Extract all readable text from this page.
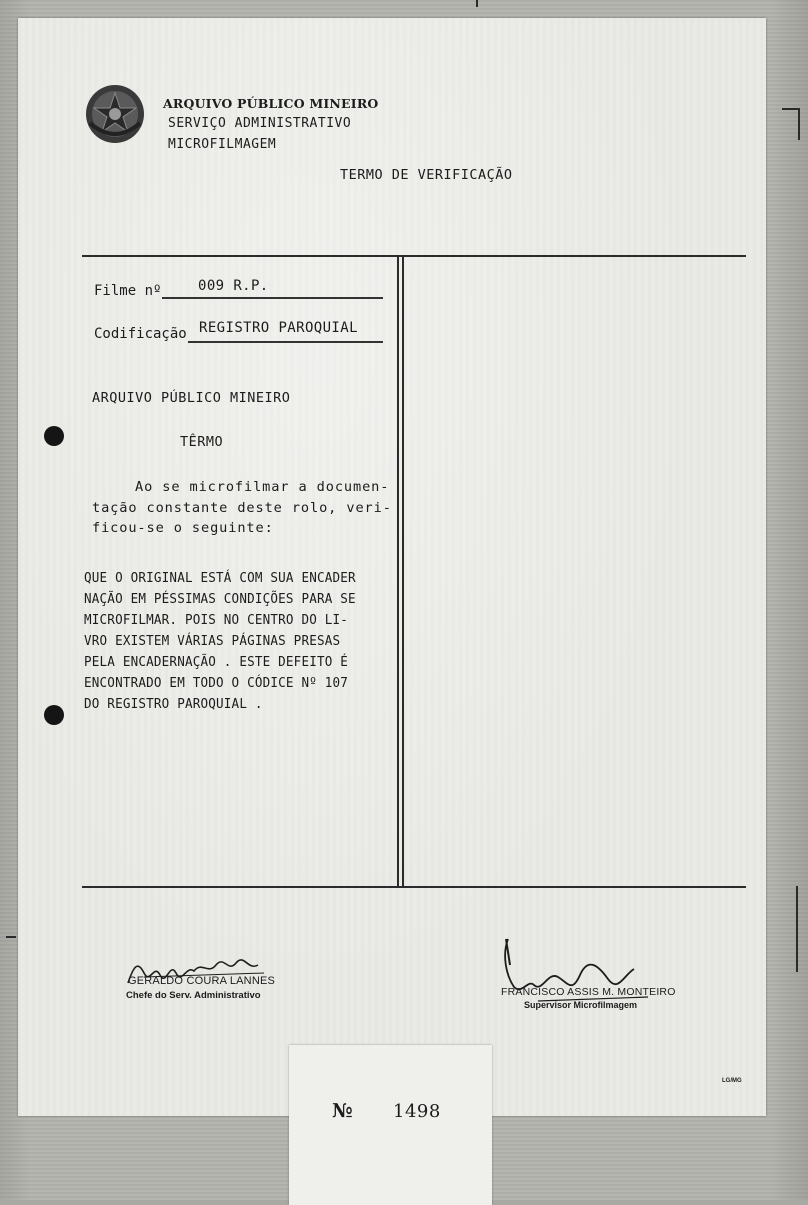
ARQUIVO PÚBLICO MINEIRO
SERVIÇO ADMINISTRATIVO
MICROFILMAGEM
TERMO DE VERIFICAÇÃO
Filme nº	009 R.P.
Codificação REGISTRO PAROQUIAL
ARQUIVO PÚBLICO MINEIRO
TÊRMO
Ao se microfilmar a documen-
tação constante deste rolo, veri-
ficou-se o seguinte:
QUE O ORIGINAL ESTÁ COM SUA ENCADER
NAÇÃO EM PÉSSIMAS CONDIÇÕES PARA SE
MICROFILMAR. POIS NO CENTRO DO LI-
VRO EXISTEM VÁRIAS PÁGINAS PRESAS
PELA ENCADERNAÇÃO . ESTE DEFEITO É
ENCONTRADO EM TODO O CÓDICE Nº 107
DO REGISTRO PAROQUIAL .
GERALDO COURA LANNES
Chefe do Serv. Administrativo	FRANCISCO ASSIS M. MONTEIRO
Supervisor Microfilmagem
LG/MG
№ 1498
